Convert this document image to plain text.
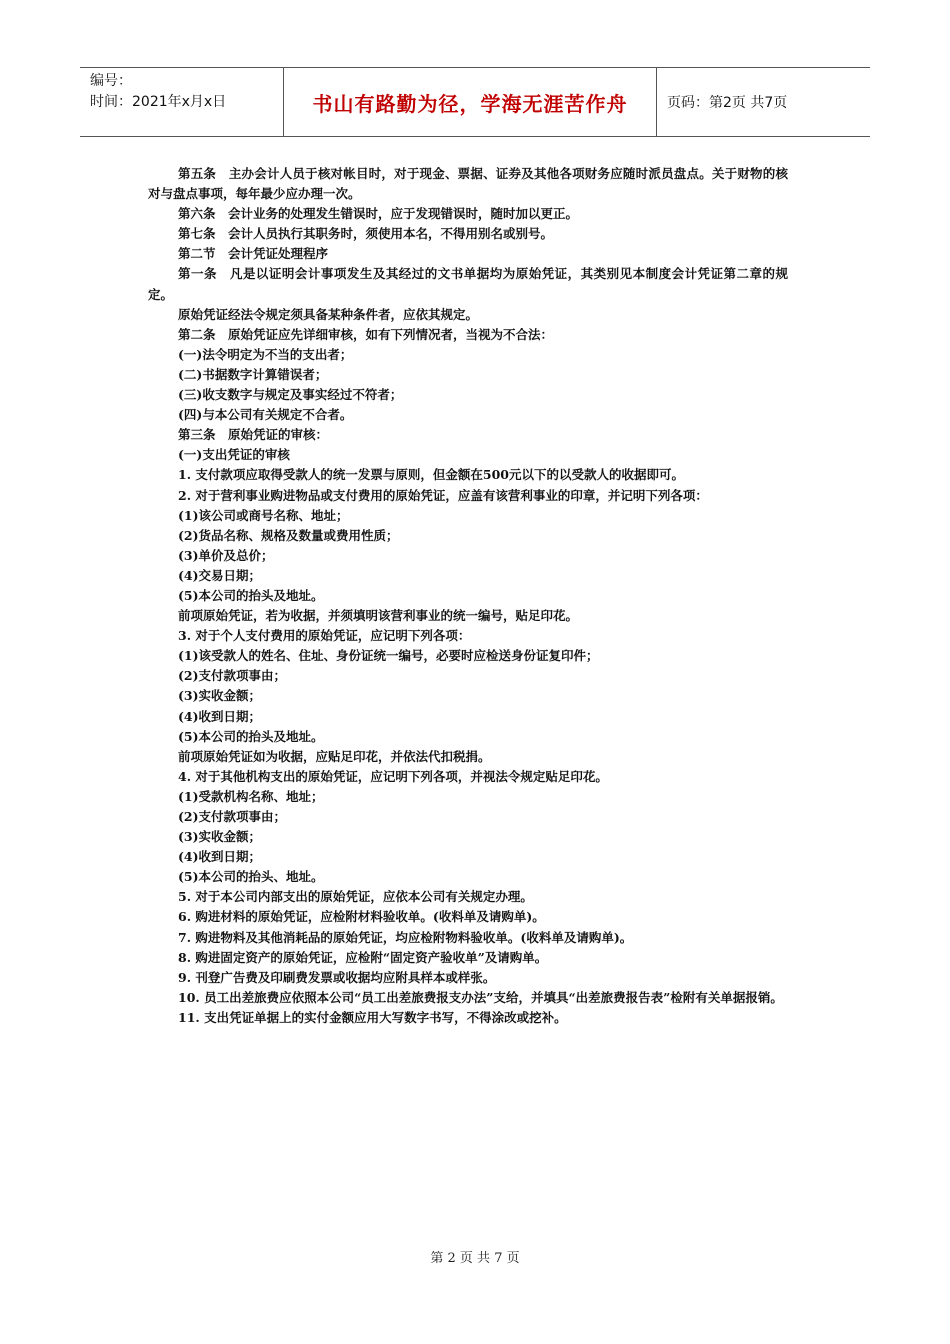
编号：
时间：2021年x月x日	书山有路勤为径，学海无涯苦作舟	页码：第2页 共7页

第五条　主办会计人员于核对帐目时，对于现金、票据、证券及其他各项财务应随时派员盘点。关于财物的核对与盘点事项，每年最少应办理一次。

第六条　会计业务的处理发生错误时，应于发现错误时，随时加以更正。

第七条　会计人员执行其职务时，须使用本名，不得用别名或别号。

第二节　会计凭证处理程序

第一条　凡是以证明会计事项发生及其经过的文书单据均为原始凭证，其类别见本制度会计凭证第二章的规定。

原始凭证经法令规定须具备某种条件者，应依其规定。

第二条　原始凭证应先详细审核，如有下列情况者，当视为不合法：

(一)法令明定为不当的支出者；

(二)书据数字计算错误者；

(三)收支数字与规定及事实经过不符者；

(四)与本公司有关规定不合者。

第三条　原始凭证的审核：

(一)支出凭证的审核

1. 支付款项应取得受款人的统一发票与原则，但金额在500元以下的以受款人的收据即可。

2. 对于营利事业购进物品或支付费用的原始凭证，应盖有该营利事业的印章，并记明下列各项：

(1)该公司或商号名称、地址；

(2)货品名称、规格及数量或费用性质；

(3)单价及总价；

(4)交易日期；

(5)本公司的抬头及地址。

前项原始凭证，若为收据，并须填明该营利事业的统一编号，贴足印花。

3. 对于个人支付费用的原始凭证，应记明下列各项：

(1)该受款人的姓名、住址、身份证统一编号，必要时应检送身份证复印件；

(2)支付款项事由；

(3)实收金额；

(4)收到日期；

(5)本公司的抬头及地址。

前项原始凭证如为收据，应贴足印花，并依法代扣税捐。

4. 对于其他机构支出的原始凭证，应记明下列各项，并视法令规定贴足印花。

(1)受款机构名称、地址；

(2)支付款项事由；

(3)实收金额；

(4)收到日期；

(5)本公司的抬头、地址。

5. 对于本公司内部支出的原始凭证，应依本公司有关规定办理。

6. 购进材料的原始凭证，应检附材料验收单。(收料单及请购单)。

7. 购进物料及其他消耗品的原始凭证，均应检附物料验收单。(收料单及请购单)。

8. 购进固定资产的原始凭证，应检附“固定资产验收单”及请购单。

9. 刊登广告费及印刷费发票或收据均应附具样本或样张。

10. 员工出差旅费应依照本公司“员工出差旅费报支办法”支给，并填具“出差旅费报告表”检附有关单据报销。

11. 支出凭证单据上的实付金额应用大写数字书写，不得涂改或挖补。

第 2 页 共 7 页
